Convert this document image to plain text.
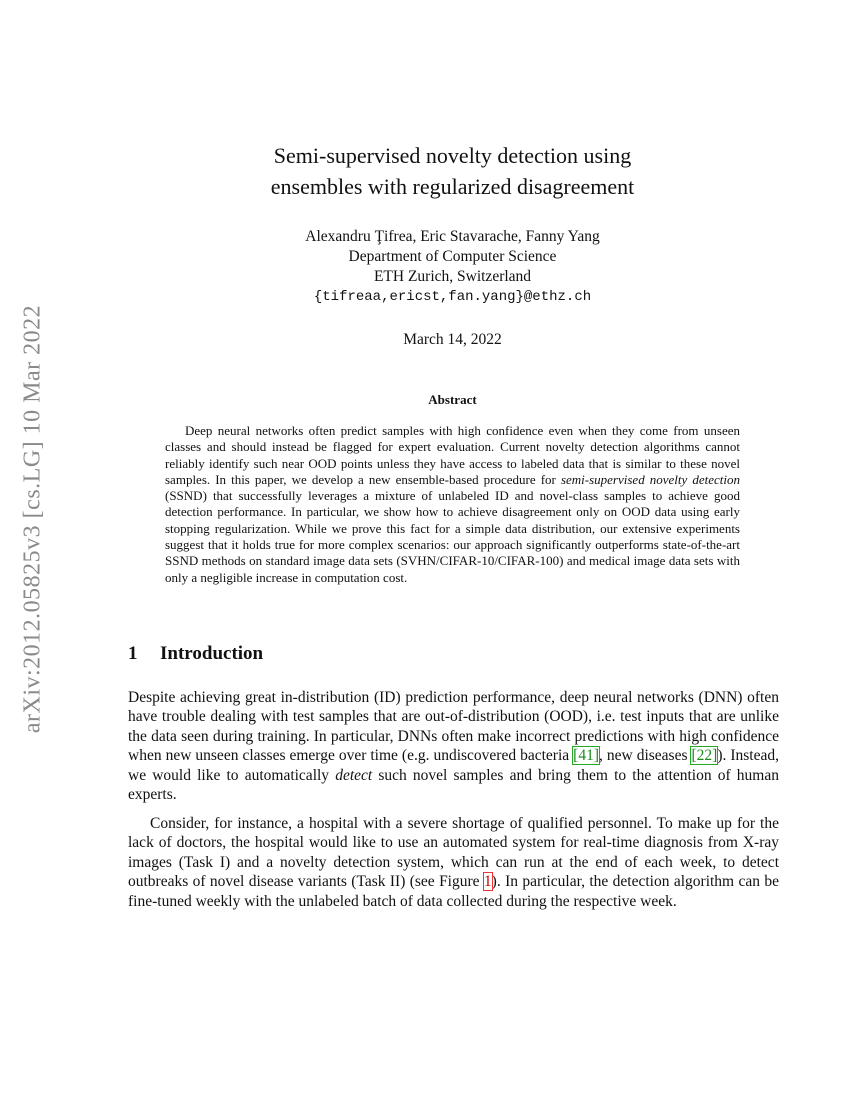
arXiv:2012.05825v3 [cs.LG] 10 Mar 2022
Semi-supervised novelty detection using
ensembles with regularized disagreement
Alexandru Ţifrea, Eric Stavarache, Fanny Yang
Department of Computer Science
ETH Zurich, Switzerland
{tifreaa,ericst,fan.yang}@ethz.ch
March 14, 2022
Abstract
Deep neural networks often predict samples with high confidence even when they come from unseen classes and should instead be flagged for expert evaluation. Current novelty detection algorithms cannot reliably identify such near OOD points unless they have access to labeled data that is similar to these novel samples. In this paper, we develop a new ensemble-based procedure for semi-supervised novelty detection (SSND) that successfully leverages a mixture of unlabeled ID and novel-class samples to achieve good detection performance. In particular, we show how to achieve disagreement only on OOD data using early stopping regularization. While we prove this fact for a simple data distribution, our extensive experiments suggest that it holds true for more complex scenarios: our approach significantly outperforms state-of-the-art SSND methods on standard image data sets (SVHN/CIFAR-10/CIFAR-100) and medical image data sets with only a negligible increase in computation cost.
1 Introduction
Despite achieving great in-distribution (ID) prediction performance, deep neural networks (DNN) often have trouble dealing with test samples that are out-of-distribution (OOD), i.e. test inputs that are unlike the data seen during training. In particular, DNNs often make incorrect predictions with high confidence when new unseen classes emerge over time (e.g. undiscovered bacteria [41], new diseases [22]). Instead, we would like to automatically detect such novel samples and bring them to the attention of human experts.
Consider, for instance, a hospital with a severe shortage of qualified personnel. To make up for the lack of doctors, the hospital would like to use an automated system for real-time diagnosis from X-ray images (Task I) and a novelty detection system, which can run at the end of each week, to detect outbreaks of novel disease variants (Task II) (see Figure 1). In particular, the detection algorithm can be fine-tuned weekly with the unlabeled batch of data collected during the respective week.
